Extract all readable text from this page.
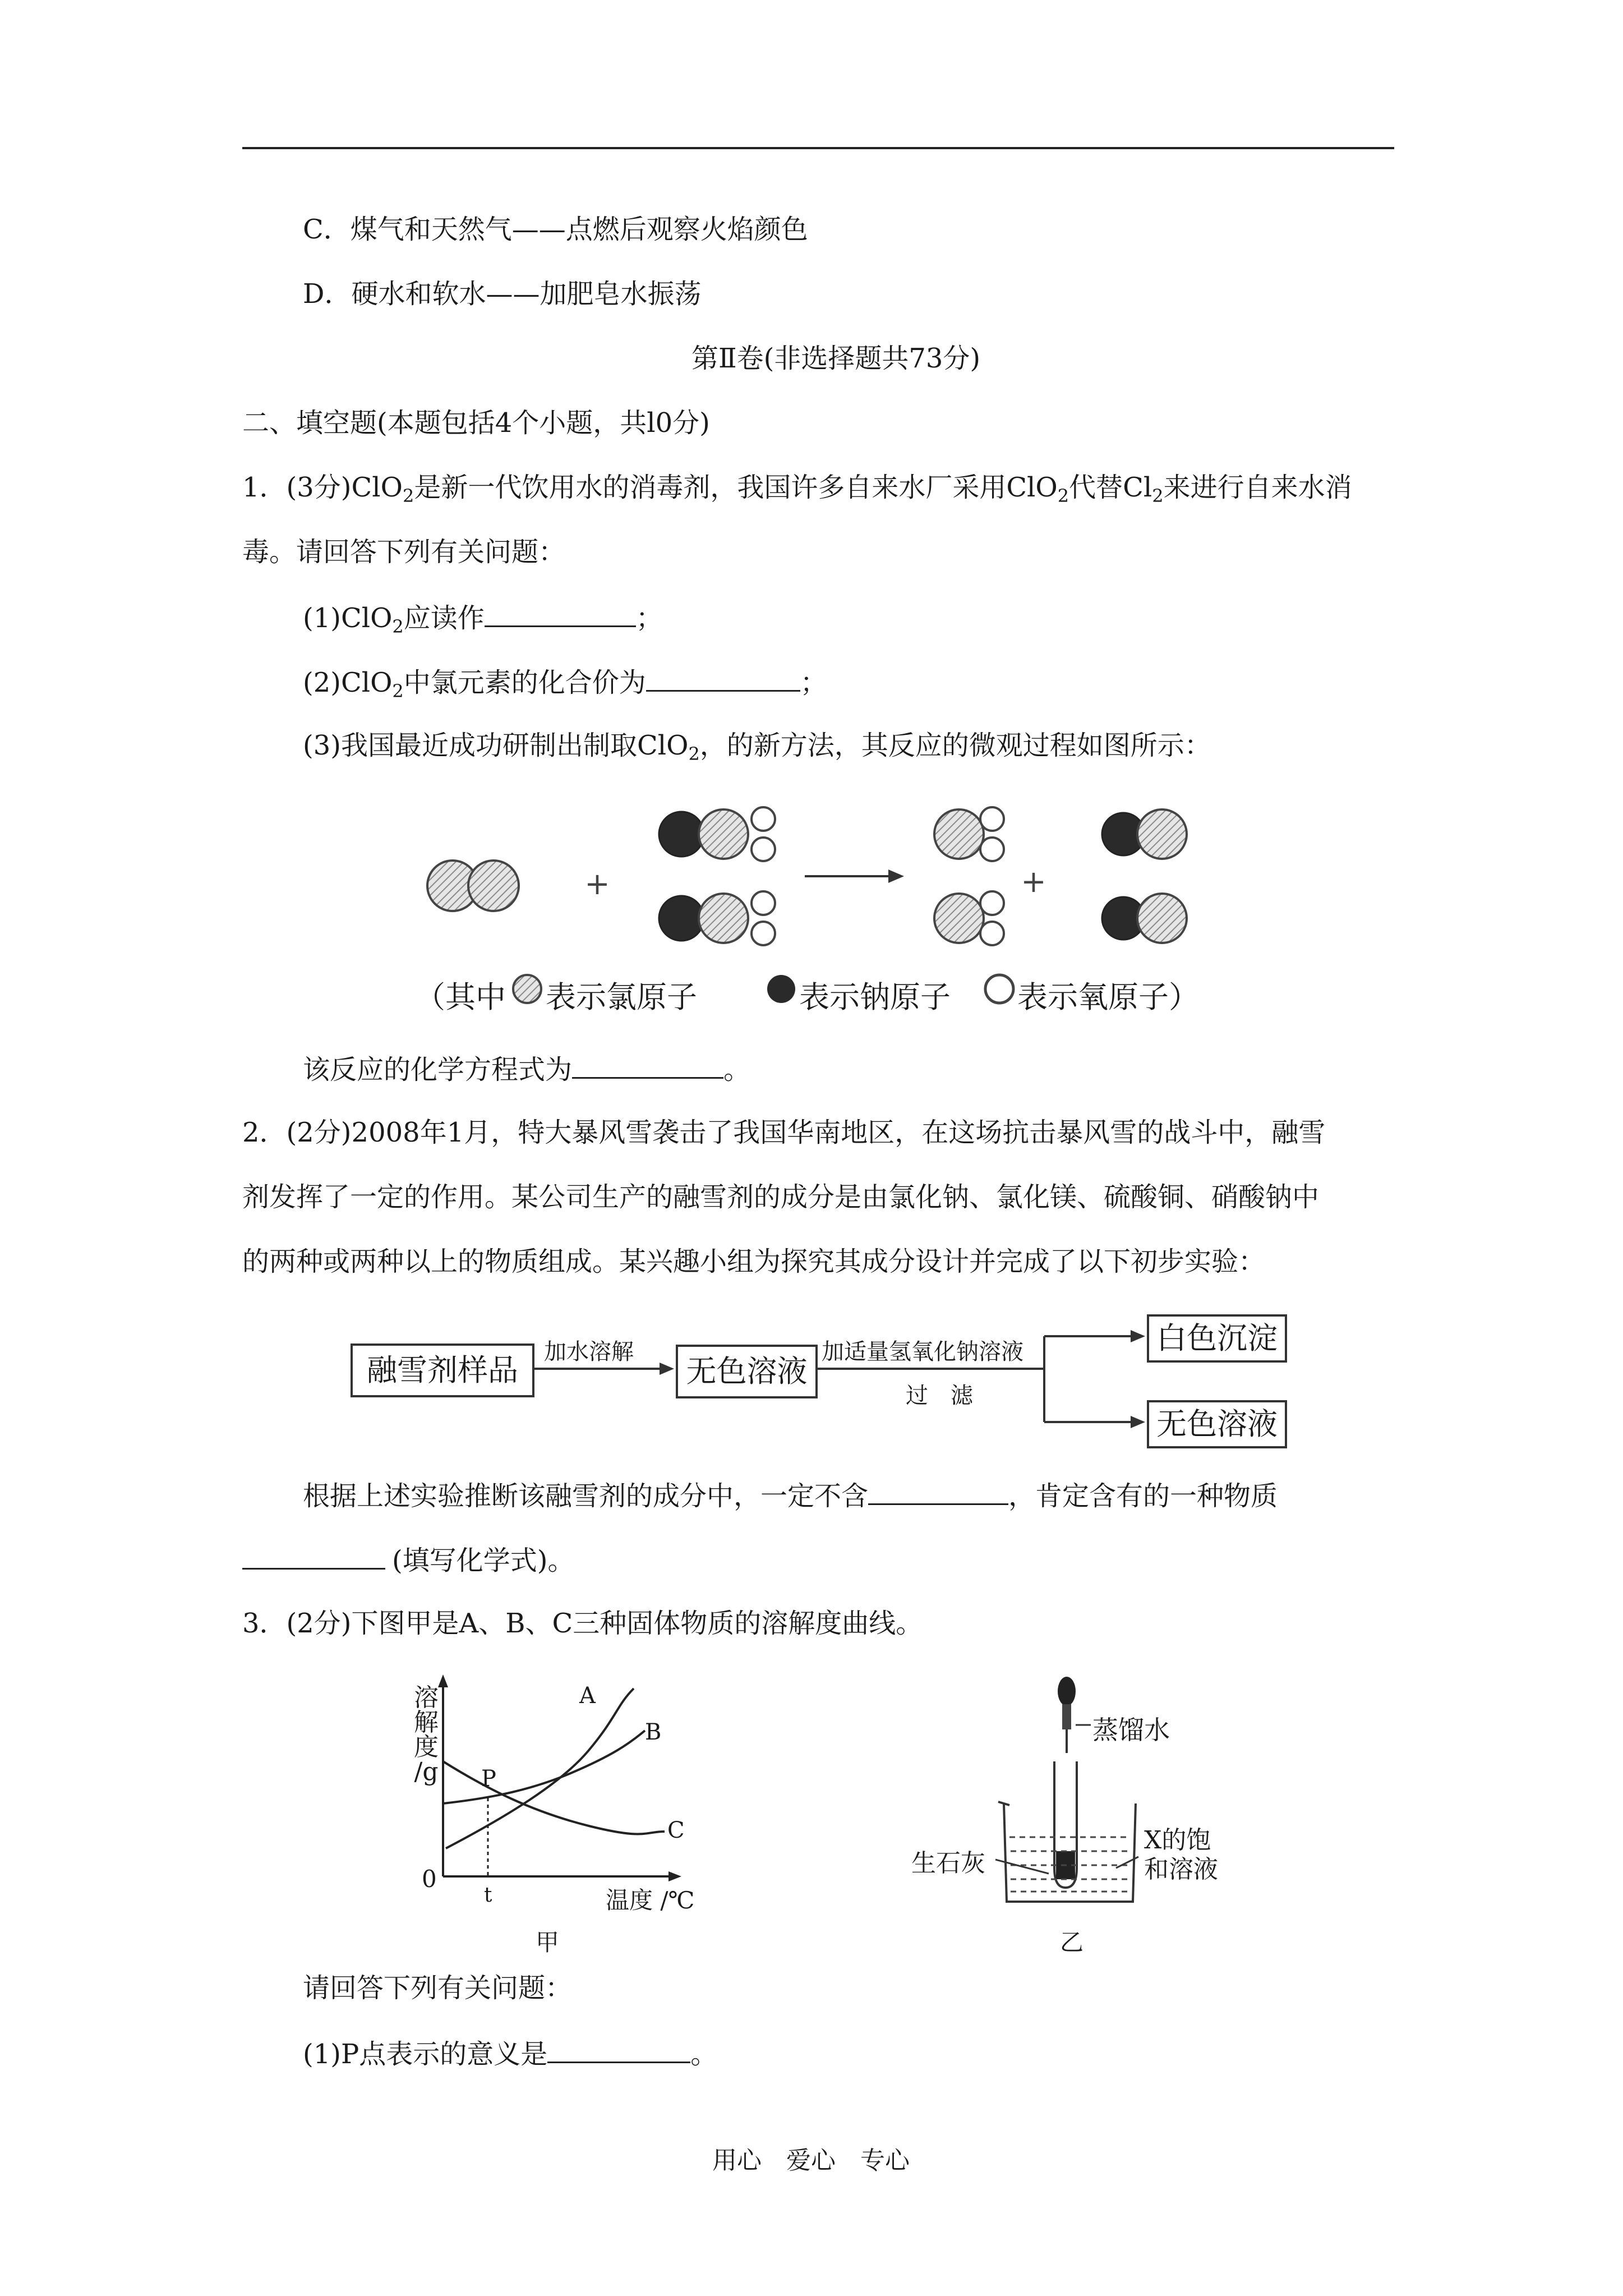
C．煤气和天然气——点燃后观察火焰颜色
D．硬水和软水——加肥皂水振荡
第Ⅱ卷(非选择题共73分)
二、填空题(本题包括4个小题，共l0分)
1．(3分)ClO$_2$是新一代饮用水的消毒剂，我国许多自来水厂采用ClO$_2$代替$Cl_2$来进行自来水消
毒。请回答下列有关问题：
(1)ClO$_2$应读作	；
(2)ClO$_2$中氯元素的化合价为	；
(3)我国最近成功研制出制取ClO$_2$，的新方法，其反应的微观过程如图所示：
+	+
（其中 表示氯原子	表示钠原子 表示氧原子）
该反应的化学方程式为	。
2．(2分)2008年1月，特大暴风雪袭击了我国华南地区，在这场抗击暴风雪的战斗中，融雪
剂发挥了一定的作用。某公司生产的融雪剂的成分是由氯化钠、氯化镁、硫酸铜、硝酸钠中
的两种或两种以上的物质组成。某兴趣小组为探究其成分设计并完成了以下初步实验：
融雪剂样品
加水溶解
无色溶液
加适量氢氧化钠溶液
过　滤
白色沉淀
无色溶液
根据上述实验推断该融雪剂的成分中，一定不含	，肯定含有的一种物质
(填写化学式)。
3．(2分)下图甲是A、B、C三种固体物质的溶解度曲线。
溶
解
度
/g
0
t
P
A
B
C
温度 /℃
甲
蒸馏水
生石灰
X的饱
和溶液
乙
请回答下列有关问题：
(1)P点表示的意义是	。
用心　爱心　专心
